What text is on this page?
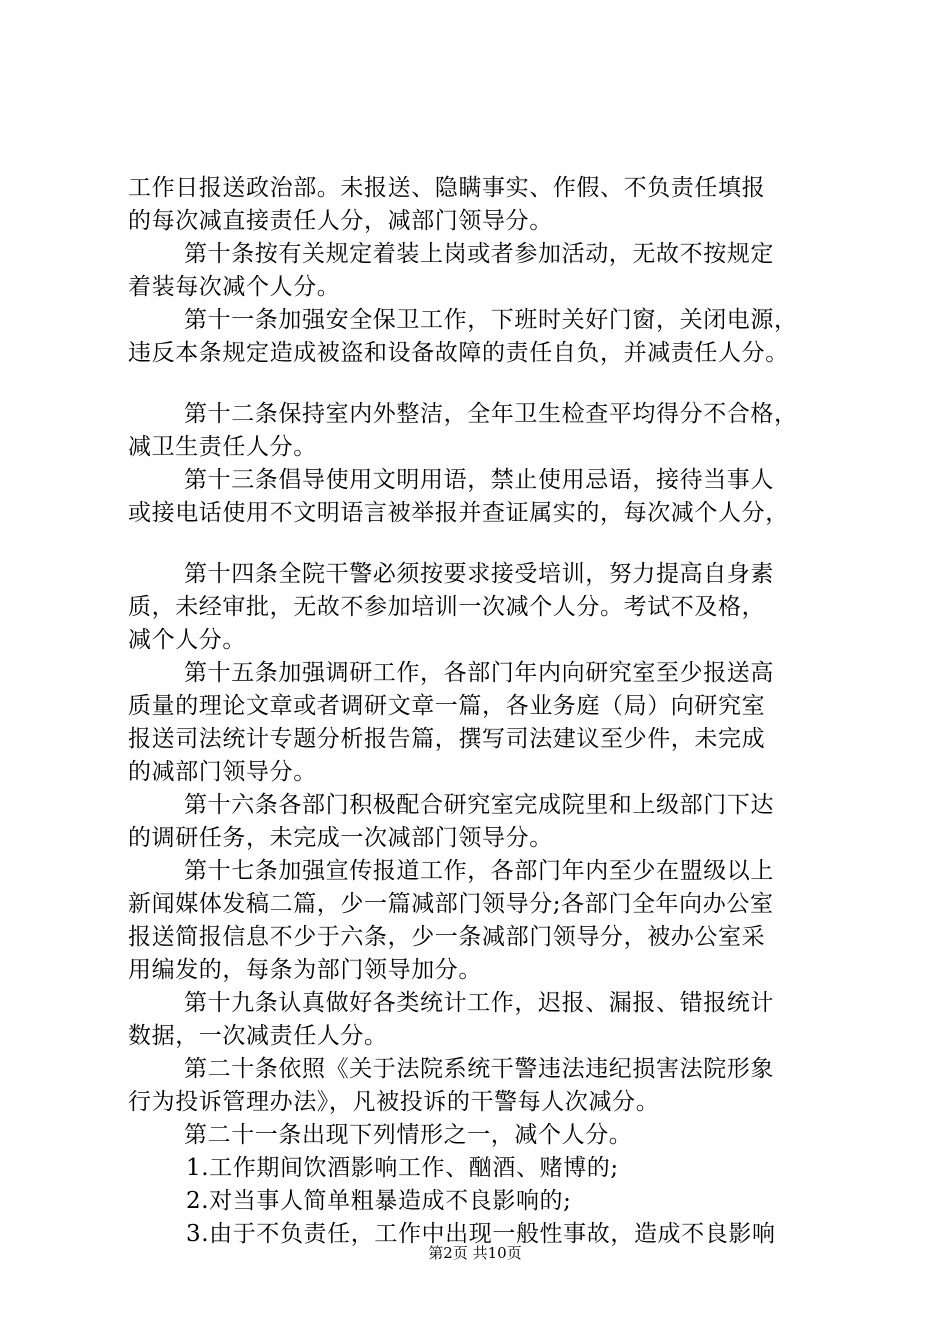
工作日报送政治部。未报送、隐瞒事实、作假、不负责任填报
的每次减直接责任人分，减部门领导分。
第十条按有关规定着装上岗或者参加活动，无故不按规定
着装每次减个人分。
第十一条加强安全保卫工作，下班时关好门窗，关闭电源，
违反本条规定造成被盗和设备故障的责任自负，并减责任人分。
第十二条保持室内外整洁，全年卫生检查平均得分不合格，
减卫生责任人分。
第十三条倡导使用文明用语，禁止使用忌语，接待当事人
或接电话使用不文明语言被举报并查证属实的，每次减个人分，
第十四条全院干警必须按要求接受培训，努力提高自身素
质，未经审批，无故不参加培训一次减个人分。考试不及格，
减个人分。
第十五条加强调研工作，各部门年内向研究室至少报送高
质量的理论文章或者调研文章一篇，各业务庭（局）向研究室
报送司法统计专题分析报告篇，撰写司法建议至少件，未完成
的减部门领导分。
第十六条各部门积极配合研究室完成院里和上级部门下达
的调研任务，未完成一次减部门领导分。
第十七条加强宣传报道工作，各部门年内至少在盟级以上
新闻媒体发稿二篇，少一篇减部门领导分;各部门全年向办公室
报送简报信息不少于六条，少一条减部门领导分，被办公室采
用编发的，每条为部门领导加分。
第十九条认真做好各类统计工作，迟报、漏报、错报统计
数据，一次减责任人分。
第二十条依照《关于法院系统干警违法违纪损害法院形象
行为投诉管理办法》，凡被投诉的干警每人次减分。
第二十一条出现下列情形之一，减个人分。
1.工作期间饮酒影响工作、酗酒、赌博的;
2.对当事人简单粗暴造成不良影响的;
3.由于不负责任，工作中出现一般性事故，造成不良影响
第2页 共10页
